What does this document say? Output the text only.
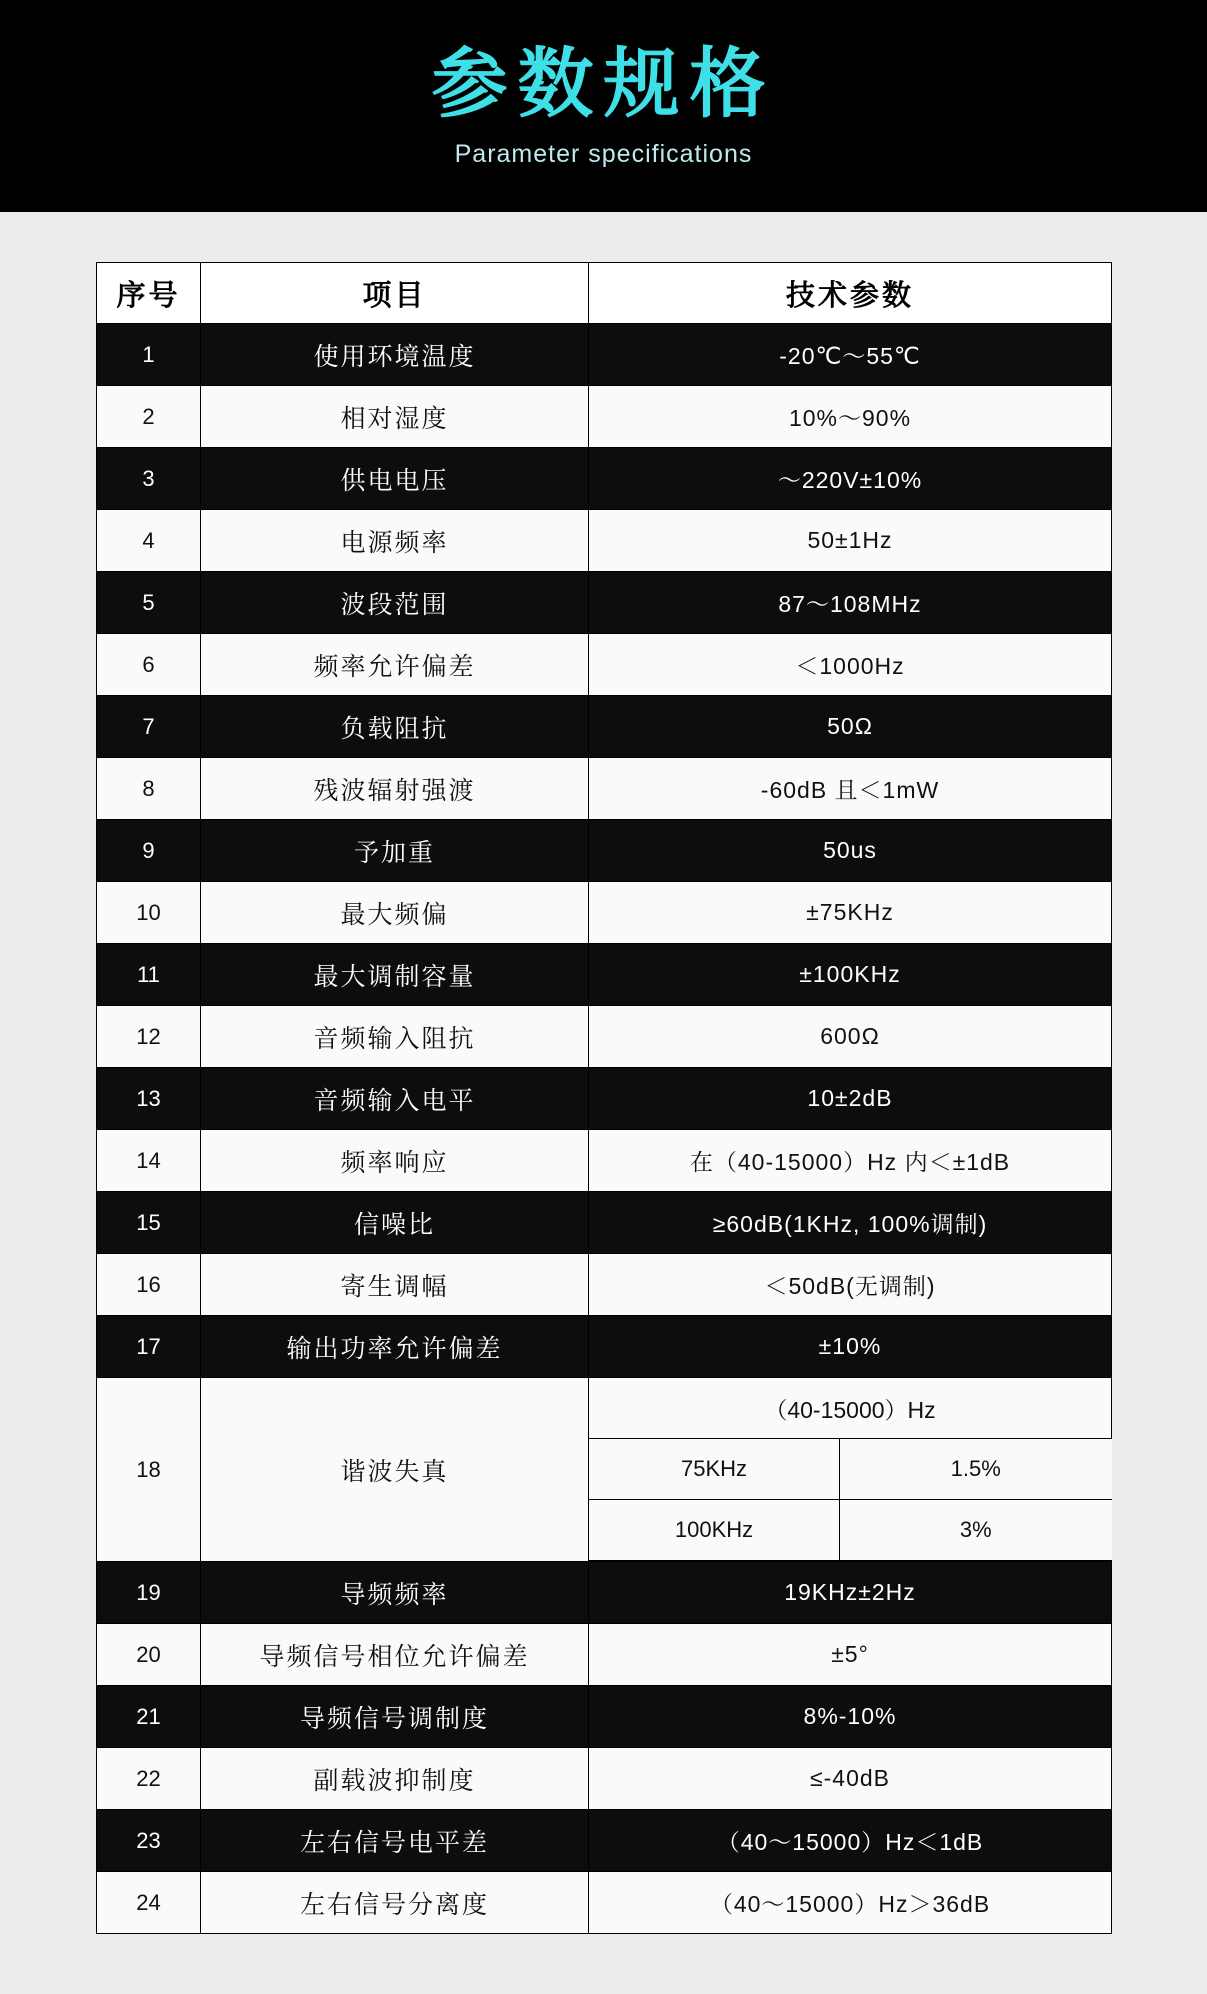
参数规格
Parameter specifications
序号	项目	技术参数
1	使用环境温度	-20℃～55℃
2	相对湿度	10%～90%
3	供电电压	～220V±10%
4	电源频率	50±1Hz
5	波段范围	87～108MHz
6	频率允许偏差	＜1000Hz
7	负载阻抗	50Ω
8	残波辐射强渡	-60dB 且＜1mW
9	予加重	50us
10	最大频偏	±75KHz
11	最大调制容量	±100KHz
12	音频输入阻抗	600Ω
13	音频输入电平	10±2dB
14	频率响应	在（40-15000）Hz 内＜±1dB
15	信噪比	≥60dB(1KHz, 100%调制)
16	寄生调幅	＜50dB(无调制)
17	输出功率允许偏差	±10%
18	谐波失真	（40-15000）Hz

75KHz	1.5%

100KHz	3%

19	导频频率	19KHz±2Hz
20	导频信号相位允许偏差	±5°
21	导频信号调制度	8%-10%
22	副载波抑制度	≤-40dB
23	左右信号电平差	（40～15000）Hz＜1dB
24	左右信号分离度	（40～15000）Hz＞36dB
